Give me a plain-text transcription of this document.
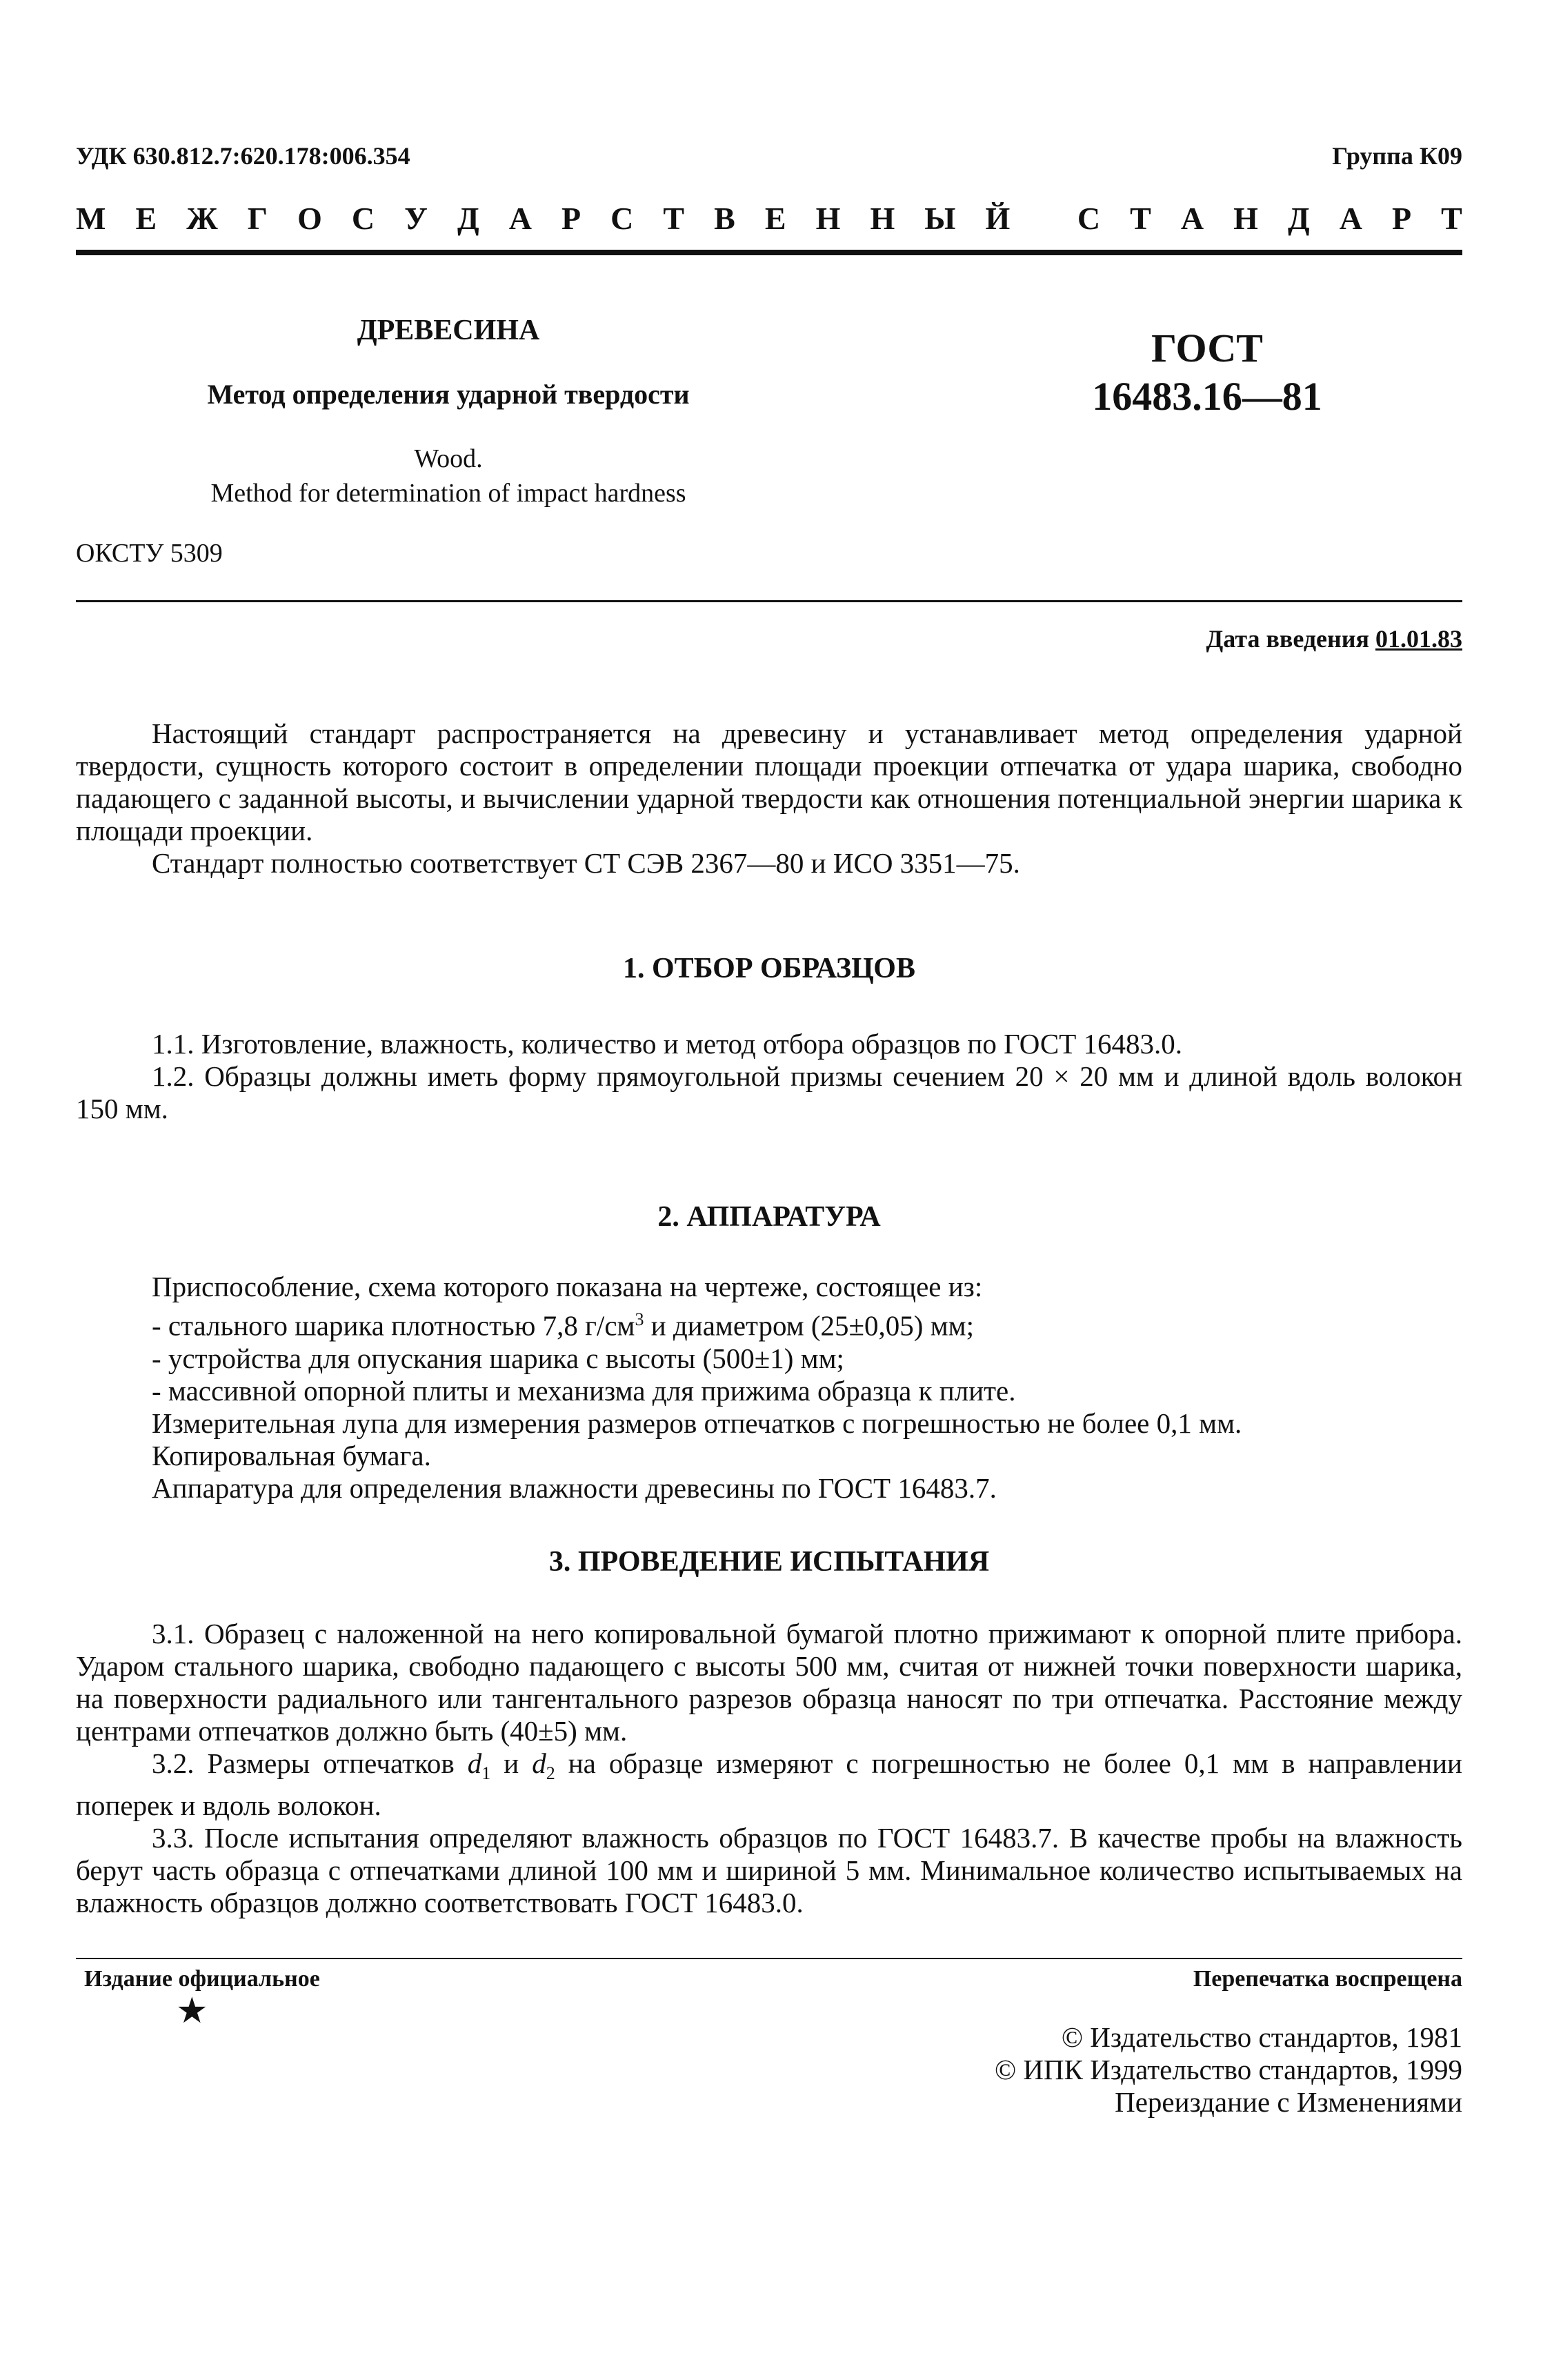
УДК 630.812.7:620.178:006.354	Группа К09
М Е Ж Г О С У Д А Р С Т В Е Н Н Ы Й
С Т А Н Д А Р Т
ДРЕВЕСИНА
Метод определения ударной твердости
ГОСТ
16483.16—81
Wood.
Method for determination of impact hardness
ОКСТУ 5309
Дата введения 01.01.83

Настоящий стандарт распространяется на древесину и устанавливает метод определения ударной твердости, сущность которого состоит в определении площади проекции отпечатка от удара шарика, свободно падающего с заданной высоты, и вычислении ударной твердости как отношения потенциальной энергии шарика к площади проекции.

Стандарт полностью соответствует СТ СЭВ 2367—80 и ИСО 3351—75.

1. ОТБОР ОБРАЗЦОВ

1.1. Изготовление, влажность, количество и метод отбора образцов по ГОСТ 16483.0.

1.2. Образцы должны иметь форму прямоугольной призмы сечением 20 × 20 мм и длиной вдоль волокон 150 мм.

2. АППАРАТУРА

Приспособление, схема которого показана на чертеже, состоящее из:

- стального шарика плотностью 7,8 $г/см^3$ и диаметром (25±0,05) мм;

- устройства для опускания шарика с высоты (500±1) мм;

- массивной опорной плиты и механизма для прижима образца к плите.

Измерительная лупа для измерения размеров отпечатков с погрешностью не более 0,1 мм.

Копировальная бумага.

Аппаратура для определения влажности древесины по ГОСТ 16483.7.

3. ПРОВЕДЕНИЕ ИСПЫТАНИЯ

3.1. Образец с наложенной на него копировальной бумагой плотно прижимают к опорной плите прибора. Ударом стального шарика, свободно падающего с высоты 500 мм, считая от нижней точки поверхности шарика, на поверхности радиального или тангентального разрезов образца наносят по три отпечатка. Расстояние между центрами отпечатков должно быть (40±5) мм.

3.2. Размеры отпечатков $d_1$ и $d_2$ на образце измеряют с погрешностью не более 0,1 мм в направлении поперек и вдоль волокон.

3.3. После испытания определяют влажность образцов по ГОСТ 16483.7. В качестве пробы на влажность берут часть образца с отпечатками длиной 100 мм и шириной 5 мм. Минимальное количество испытываемых на влажность образцов должно соответствовать ГОСТ 16483.0.

Издание официальное	Перепечатка воспрещена
★
© Издательство стандартов, 1981
© ИПК Издательство стандартов, 1999
Переиздание с Изменениями
